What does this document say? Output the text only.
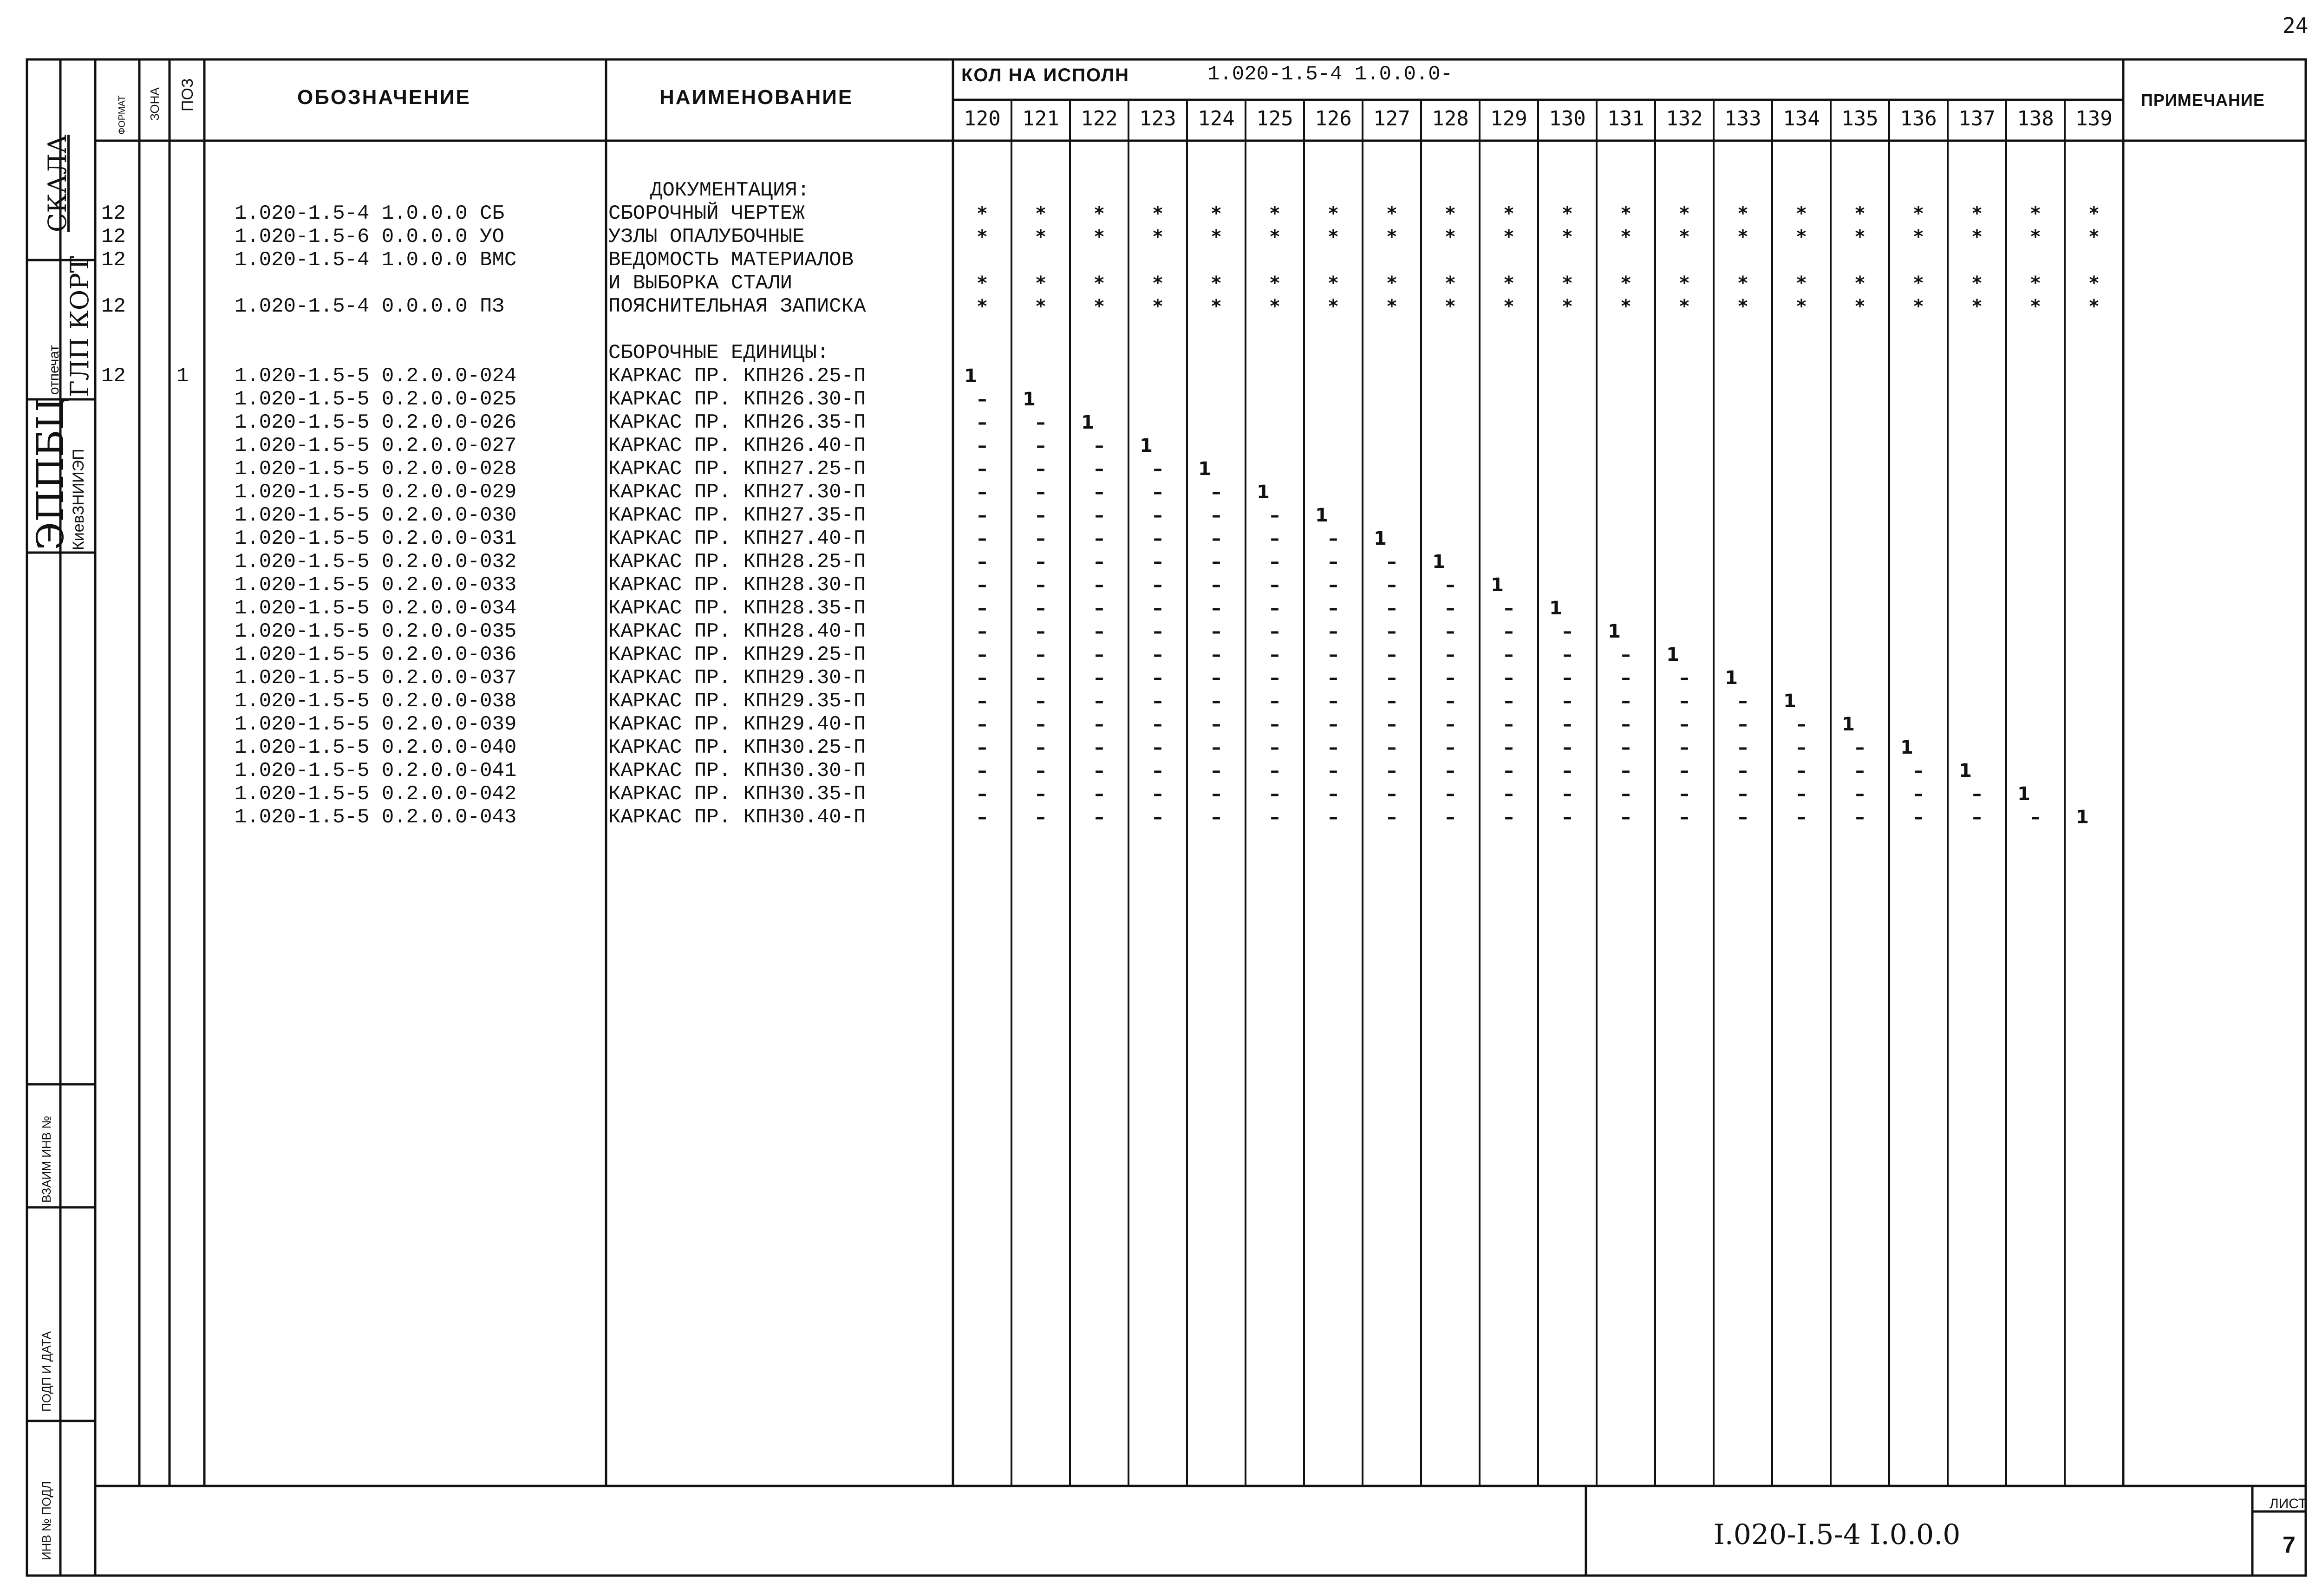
24
ЭППБЦ
КиевЗНИИЭП
отпечат ГЛП КОРТ
СКАЛА
ФОРМАТ
ВЗАИМ ИНВ №
ПОДП И ДАТА
ИНВ № ПОДЛ
ЗОНА ПОЗ	ОБОЗНАЧЕНИЕ	НАИМЕНОВАНИЕ
КОЛ НА ИСПОЛН	1.020-1.5-4 1.0.0.0-
ПРИМЕЧАНИЕ
120	121	122	123	124	125	126	127	128	129	130	131	132	133	134	135	136	137	138	139
ДОКУМЕНТАЦИЯ:
СБОРОЧНЫЕ ЕДИНИЦЫ:
12	1.020-1.5-4 1.0.0.0 СБ	СБОРОЧНЫЙ ЧЕРТЕЖ	*	*	*	*	*	*	*	*	*	*	*	*	*	*	*	*	*	*	*	*
12	1.020-1.5-6 0.0.0.0 УО	УЗЛЫ ОПАЛУБОЧНЫЕ	*	*	*	*	*	*	*	*	*	*	*	*	*	*	*	*	*	*	*	*
12	1.020-1.5-4 1.0.0.0 ВМС	ВЕДОМОСТЬ МАТЕРИАЛОВ
И ВЫБОРКА СТАЛИ	*	*	*	*	*	*	*	*	*	*	*	*	*	*	*	*	*	*	*	*
12	1.020-1.5-4 0.0.0.0 ПЗ	ПОЯСНИТЕЛЬНАЯ ЗАПИСКА	*	*	*	*	*	*	*	*	*	*	*	*	*	*	*	*	*	*	*	*
12 1 1.020-1.5-5 0.2.0.0-024	КАРКАС ПР. КПН26.25-П	1
1.020-1.5-5 0.2.0.0-025	КАРКАС ПР. КПН26.30-П	–	1
1.020-1.5-5 0.2.0.0-026	КАРКАС ПР. КПН26.35-П	–	–	1
1.020-1.5-5 0.2.0.0-027	КАРКАС ПР. КПН26.40-П	–	–	–	1
1.020-1.5-5 0.2.0.0-028	КАРКАС ПР. КПН27.25-П	–	–	–	–	1
1.020-1.5-5 0.2.0.0-029	КАРКАС ПР. КПН27.30-П	–	–	–	–	–	1
1.020-1.5-5 0.2.0.0-030	КАРКАС ПР. КПН27.35-П	–	–	–	–	–	–	1
1.020-1.5-5 0.2.0.0-031	КАРКАС ПР. КПН27.40-П	–	–	–	–	–	–	–	1
1.020-1.5-5 0.2.0.0-032	КАРКАС ПР. КПН28.25-П	–	–	–	–	–	–	–	–	1
1.020-1.5-5 0.2.0.0-033	КАРКАС ПР. КПН28.30-П	–	–	–	–	–	–	–	–	–	1
1.020-1.5-5 0.2.0.0-034	КАРКАС ПР. КПН28.35-П	–	–	–	–	–	–	–	–	–	–	1
1.020-1.5-5 0.2.0.0-035	КАРКАС ПР. КПН28.40-П	–	–	–	–	–	–	–	–	–	–	–	1
1.020-1.5-5 0.2.0.0-036	КАРКАС ПР. КПН29.25-П	–	–	–	–	–	–	–	–	–	–	–	–	1
1.020-1.5-5 0.2.0.0-037	КАРКАС ПР. КПН29.30-П	–	–	–	–	–	–	–	–	–	–	–	–	–	1
1.020-1.5-5 0.2.0.0-038	КАРКАС ПР. КПН29.35-П	–	–	–	–	–	–	–	–	–	–	–	–	–	–	1
1.020-1.5-5 0.2.0.0-039	КАРКАС ПР. КПН29.40-П	–	–	–	–	–	–	–	–	–	–	–	–	–	–	–	1
1.020-1.5-5 0.2.0.0-040	КАРКАС ПР. КПН30.25-П	–	–	–	–	–	–	–	–	–	–	–	–	–	–	–	–	1
1.020-1.5-5 0.2.0.0-041	КАРКАС ПР. КПН30.30-П	–	–	–	–	–	–	–	–	–	–	–	–	–	–	–	–	–	1
1.020-1.5-5 0.2.0.0-042	КАРКАС ПР. КПН30.35-П	–	–	–	–	–	–	–	–	–	–	–	–	–	–	–	–	–	–	1
1.020-1.5-5 0.2.0.0-043	КАРКАС ПР. КПН30.40-П	–	–	–	–	–	–	–	–	–	–	–	–	–	–	–	–	–	–	–	1
I.020-I.5-4 I.0.0.0
ЛИСТ
7
